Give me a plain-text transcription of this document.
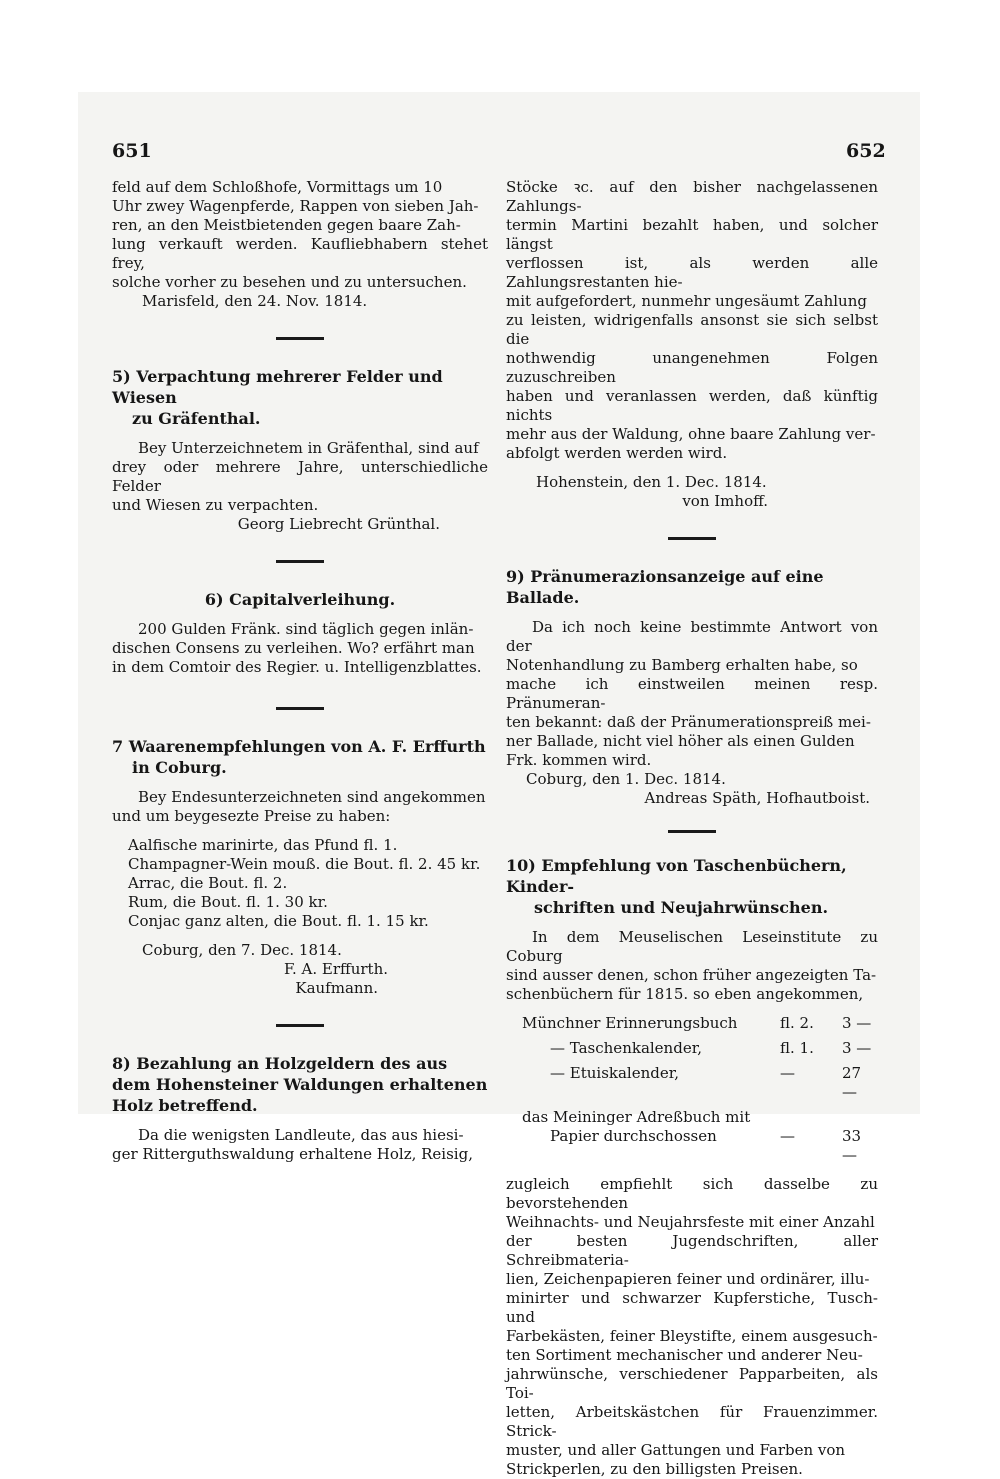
651	652

feld auf dem Schloßhofe, Vormittags um 10

Uhr zwey Wagenpferde, Rappen von sieben Jah-

ren, an den Meistbietenden gegen baare Zah-

lung verkauft werden. Kaufliebhabern stehet frey,

solche vorher zu besehen und zu untersuchen.

Marisfeld, den 24. Nov. 1814.

5) Verpachtung mehrerer Felder und Wiesen

zu Gräfenthal.

Bey Unterzeichnetem in Gräfenthal, sind auf

drey oder mehrere Jahre, unterschiedliche Felder

und Wiesen zu verpachten.

Georg Liebrecht Grünthal.

6) Capitalverleihung.

200 Gulden Fränk. sind täglich gegen inlän-

dischen Consens zu verleihen. Wo? erfährt man

in dem Comtoir des Regier. u. Intelligenzblattes.

7 Waarenempfehlungen von A. F. Erffurth

in Coburg.

Bey Endesunterzeichneten sind angekommen

und um beygesezte Preise zu haben:

Aalfische marinirte, das Pfund fl. 1.

Champagner-Wein mouß. die Bout. fl. 2. 45 kr.

Arrac, die Bout. fl. 2.

Rum, die Bout. fl. 1. 30 kr.

Conjac ganz alten, die Bout. fl. 1. 15 kr.

Coburg, den 7. Dec. 1814.

F. A. Erffurth.

Kaufmann.

8) Bezahlung an Holzgeldern des aus

dem Hohensteiner Waldungen erhaltenen

Holz betreffend.

Da die wenigsten Landleute, das aus hiesi-

ger Ritterguthswaldung erhaltene Holz, Reisig,

Stöcke ꝛc. auf den bisher nachgelassenen Zahlungs-

termin Martini bezahlt haben, und solcher längst

verflossen ist, als werden alle Zahlungsrestanten hie-

mit aufgefordert, nunmehr ungesäumt Zahlung

zu leisten, widrigenfalls ansonst sie sich selbst die

nothwendig unangenehmen Folgen zuzuschreiben

haben und veranlassen werden, daß künftig nichts

mehr aus der Waldung, ohne baare Zahlung ver-

abfolgt werden werden wird.

Hohenstein, den 1. Dec. 1814.

von Imhoff.

9) Pränumerazionsanzeige auf eine Ballade.

Da ich noch keine bestimmte Antwort von der

Notenhandlung zu Bamberg erhalten habe, so

mache ich einstweilen meinen resp. Pränumeran-

ten bekannt: daß der Pränumerationspreiß mei-

ner Ballade, nicht viel höher als einen Gulden

Frk. kommen wird.

Coburg, den 1. Dec. 1814.

Andreas Späth, Hofhautboist.

10) Empfehlung von Taschenbüchern, Kinder-

schriften und Neujahrwünschen.

In dem Meuselischen Leseinstitute zu Coburg

sind ausser denen, schon früher angezeigten Ta-

schenbüchern für 1815. so eben angekommen,

Münchner Erinnerungsbuch	fl. 2.	3 —
— Taschenkalender,	fl. 1.	3 —
— Etuiskalender,	—	27 —
das Meininger Adreßbuch mit
Papier durchschossen	—	33 —

zugleich empfiehlt sich dasselbe zu bevorstehenden

Weihnachts- und Neujahrsfeste mit einer Anzahl

der besten Jugendschriften, aller Schreibmateria-

lien, Zeichenpapieren feiner und ordinärer, illu-

minirter und schwarzer Kupferstiche, Tusch- und

Farbekästen, feiner Bleystifte, einem ausgesuch-

ten Sortiment mechanischer und anderer Neu-

jahrwünsche, verschiedener Papparbeiten, als Toi-

letten, Arbeitskästchen für Frauenzimmer. Strick-

muster, und aller Gattungen und Farben von

Strickperlen, zu den billigsten Preisen.
